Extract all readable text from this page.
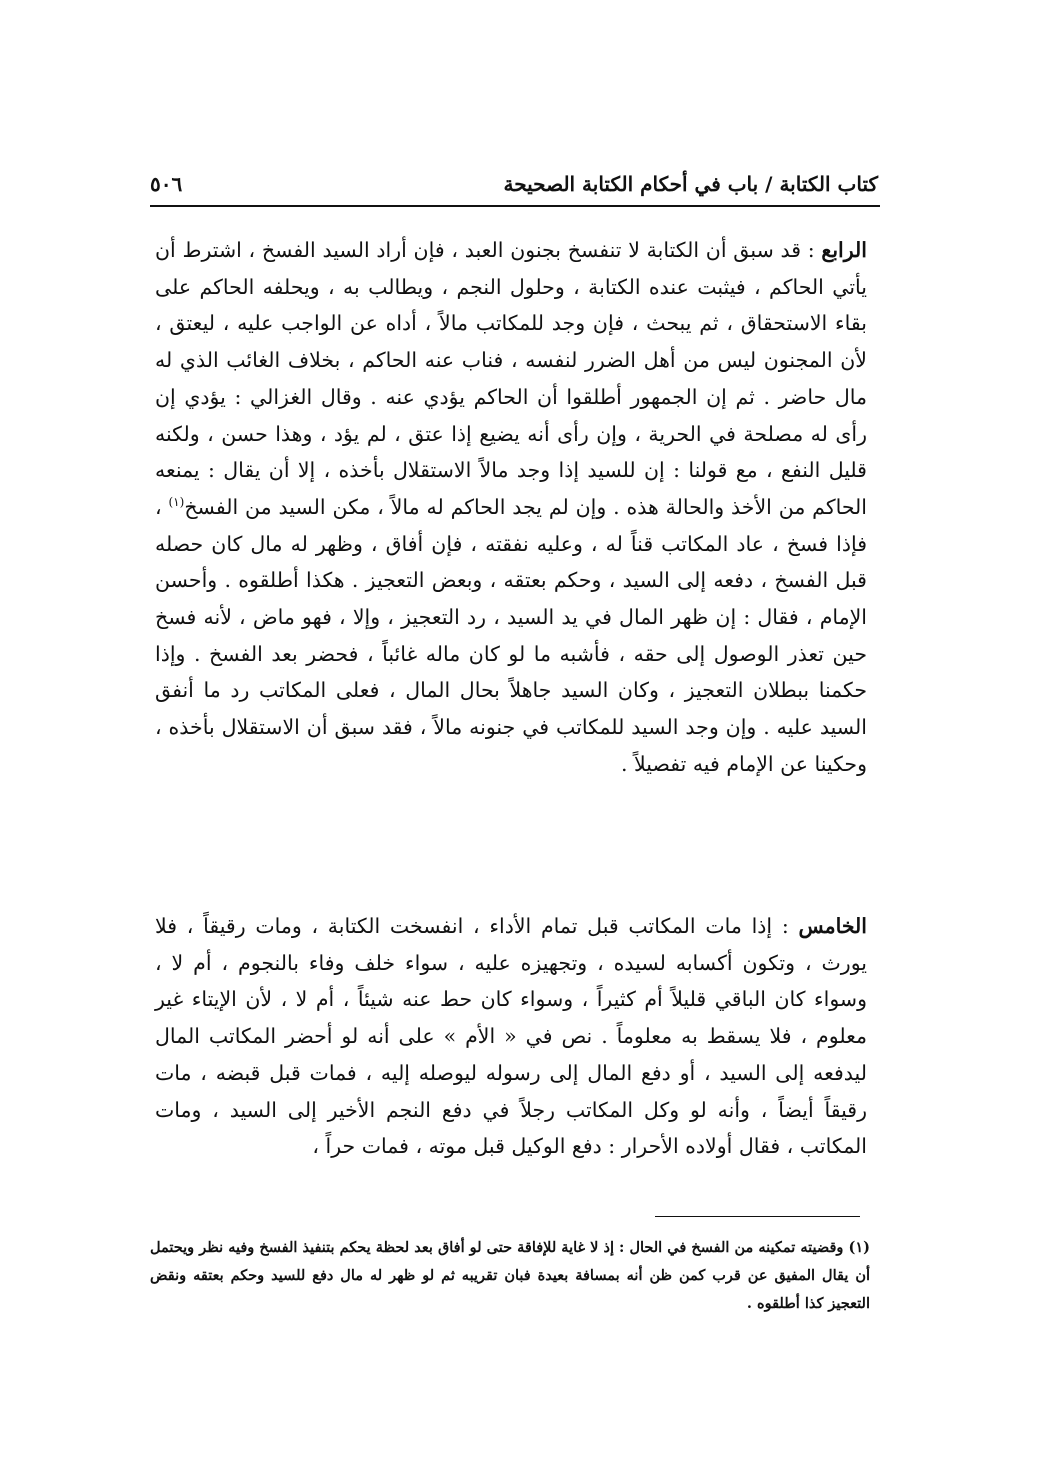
كتاب الكتابة / باب في أحكام الكتابة الصحيحة
٥٠٦

الرابع : قد سبق أن الكتابة لا تنفسخ بجنون العبد ، فإن أراد السيد الفسخ ، اشترط أن يأتي الحاكم ، فيثبت عنده الكتابة ، وحلول النجم ، ويطالب به ، ويحلفه الحاكم على بقاء الاستحقاق ، ثم يبحث ، فإن وجد للمكاتب مالاً ، أداه عن الواجب عليه ، ليعتق ، لأن المجنون ليس من أهل الضرر لنفسه ، فناب عنه الحاكم ، بخلاف الغائب الذي له مال حاضر . ثم إن الجمهور أطلقوا أن الحاكم يؤدي عنه . وقال الغزالي : يؤدي إن رأى له مصلحة في الحرية ، وإن رأى أنه يضيع إذا عتق ، لم يؤد ، وهذا حسن ، ولكنه قليل النفع ، مع قولنا : إن للسيد إذا وجد مالاً الاستقلال بأخذه ، إلا أن يقال : يمنعه الحاكم من الأخذ والحالة هذه . وإن لم يجد الحاكم له مالاً ، مكن السيد من الفسخ$^{(١)}$ ، فإذا فسخ ، عاد المكاتب قناً له ، وعليه نفقته ، فإن أفاق ، وظهر له مال كان حصله قبل الفسخ ، دفعه إلى السيد ، وحكم بعتقه ، وبعض التعجيز . هكذا أطلقوه . وأحسن الإمام ، فقال : إن ظهر المال في يد السيد ، رد التعجيز ، وإلا ، فهو ماض ، لأنه فسخ حين تعذر الوصول إلى حقه ، فأشبه ما لو كان ماله غائباً ، فحضر بعد الفسخ . وإذا حكمنا ببطلان التعجيز ، وكان السيد جاهلاً بحال المال ، فعلى المكاتب رد ما أنفق السيد عليه . وإن وجد السيد للمكاتب في جنونه مالاً ، فقد سبق أن الاستقلال بأخذه ، وحكينا عن الإمام فيه تفصيلاً .

الخامس : إذا مات المكاتب قبل تمام الأداء ، انفسخت الكتابة ، ومات رقيقاً ، فلا يورث ، وتكون أكسابه لسيده ، وتجهيزه عليه ، سواء خلف وفاء بالنجوم ، أم لا ، وسواء كان الباقي قليلاً أم كثيراً ، وسواء كان حط عنه شيئاً ، أم لا ، لأن الإيتاء غير معلوم ، فلا يسقط به معلوماً . نص في « الأم » على أنه لو أحضر المكاتب المال ليدفعه إلى السيد ، أو دفع المال إلى رسوله ليوصله إليه ، فمات قبل قبضه ، مات رقيقاً أيضاً ، وأنه لو وكل المكاتب رجلاً في دفع النجم الأخير إلى السيد ، ومات المكاتب ، فقال أولاده الأحرار : دفع الوكيل قبل موته ، فمات حراً ،

(١) وقضيته تمكينه من الفسخ في الحال : إذ لا غاية للإفاقة حتى لو أفاق بعد لحظة يحكم بتنفيذ الفسخ وفيه نظر ويحتمل أن يقال المفيق عن قرب كمن ظن أنه بمسافة بعيدة فبان تقريبه ثم لو ظهر له مال دفع للسيد وحكم بعتقه ونقض التعجيز كذا أطلقوه .
